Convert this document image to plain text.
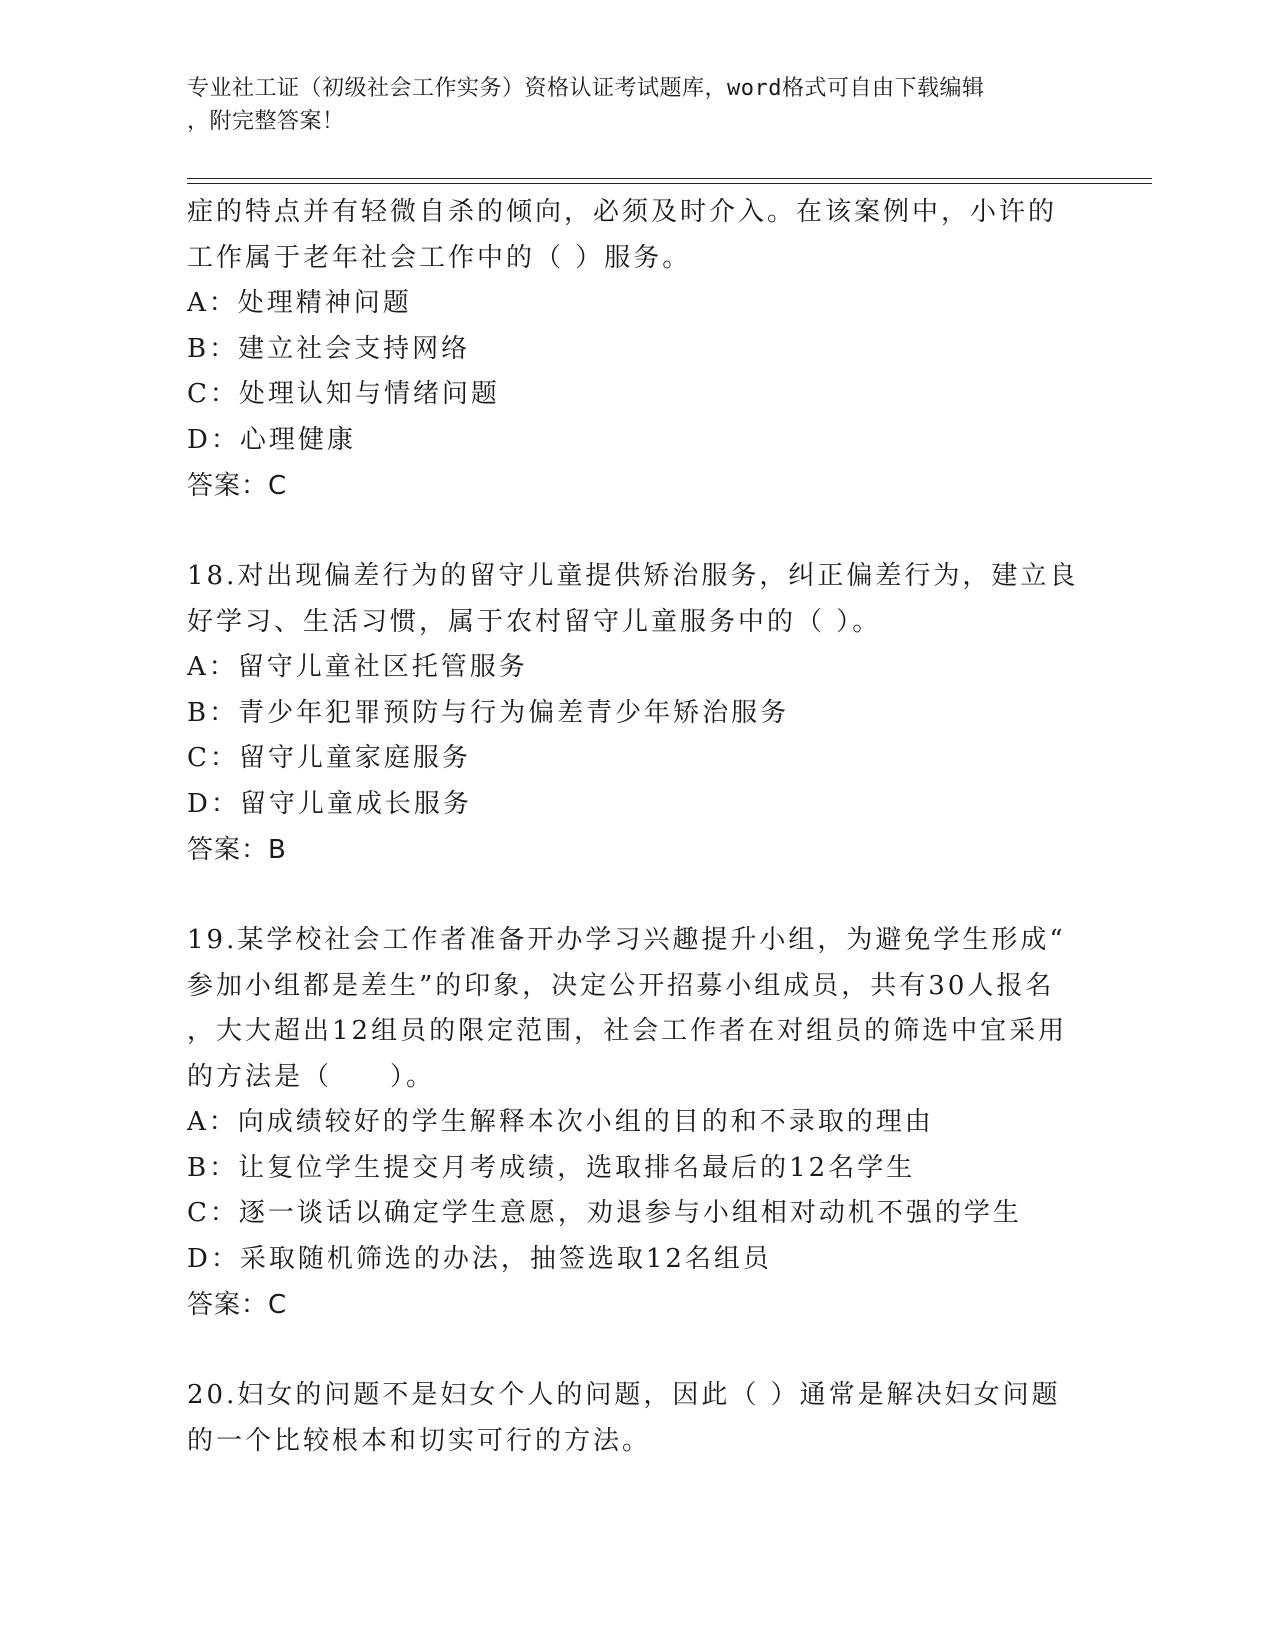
专业社工证（初级社会工作实务）资格认证考试题库，word格式可自由下载编辑
，附完整答案！
症的特点并有轻微自杀的倾向，必须及时介入。在该案例中，小许的
工作属于老年社会工作中的（ ）服务。
A：处理精神问题
B：建立社会支持网络
C：处理认知与情绪问题
D：心理健康
答案：C
18.对出现偏差行为的留守儿童提供矫治服务，纠正偏差行为，建立良
好学习、生活习惯，属于农村留守儿童服务中的（ ）。
A：留守儿童社区托管服务
B：青少年犯罪预防与行为偏差青少年矫治服务
C：留守儿童家庭服务
D：留守儿童成长服务
答案：B
19.某学校社会工作者准备开办学习兴趣提升小组，为避免学生形成“
参加小组都是差生”的印象，决定公开招募小组成员，共有30人报名
，大大超出12组员的限定范围，社会工作者在对组员的筛选中宜采用
的方法是（　　）。
A：向成绩较好的学生解释本次小组的目的和不录取的理由
B：让复位学生提交月考成绩，选取排名最后的12名学生
C：逐一谈话以确定学生意愿，劝退参与小组相对动机不强的学生
D：采取随机筛选的办法，抽签选取12名组员
答案：C
20.妇女的问题不是妇女个人的问题，因此（ ）通常是解决妇女问题
的一个比较根本和切实可行的方法。
